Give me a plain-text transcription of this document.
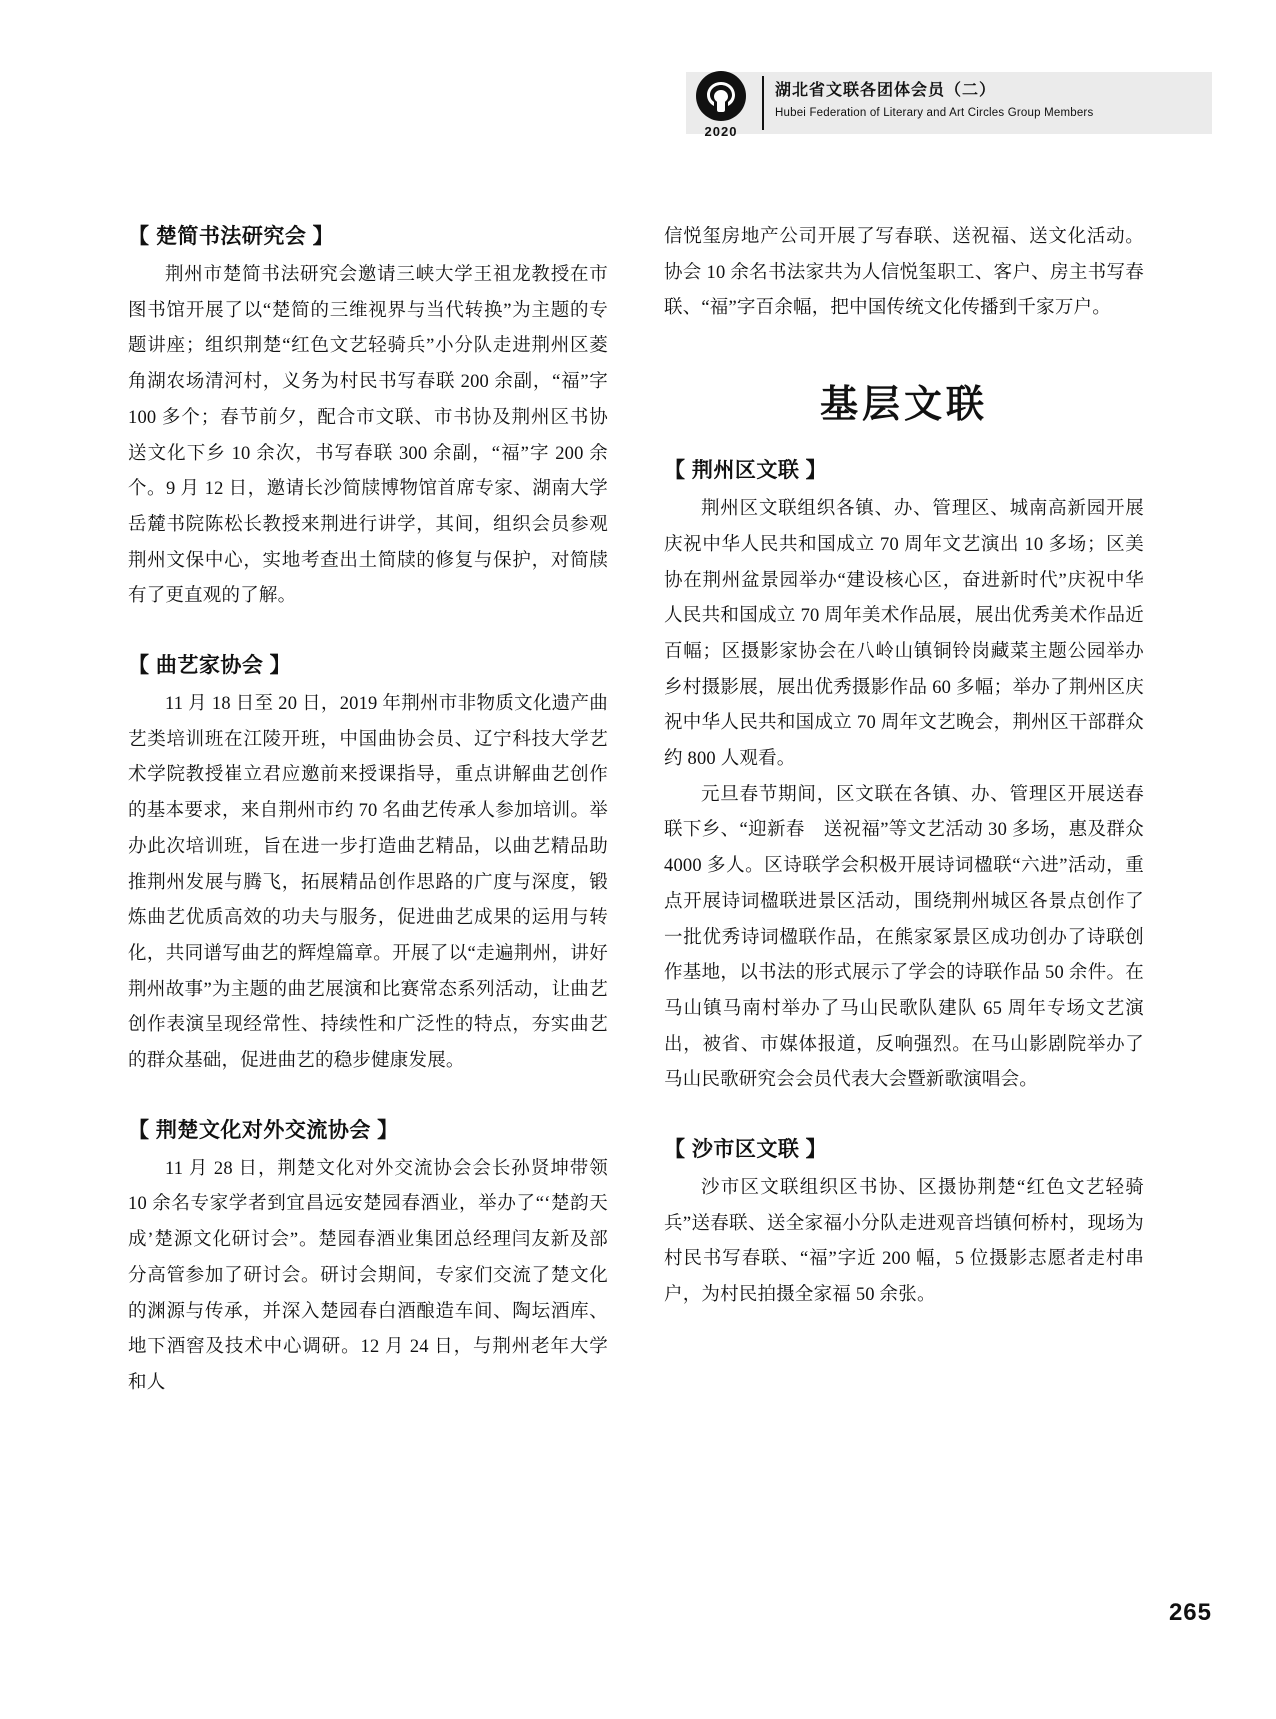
2020
湖北省文联各团体会员（二）
Hubei Federation of Literary and Art Circles Group Members
【 楚简书法研究会 】

荆州市楚简书法研究会邀请三峡大学王祖龙教授在市图书馆开展了以“楚简的三维视界与当代转换”为主题的专题讲座；组织荆楚“红色文艺轻骑兵”小分队走进荆州区菱角湖农场清河村，义务为村民书写春联 200 余副，“福”字 100 多个；春节前夕，配合市文联、市书协及荆州区书协送文化下乡 10 余次，书写春联 300 余副，“福”字 200 余个。9 月 12 日，邀请长沙简牍博物馆首席专家、湖南大学岳麓书院陈松长教授来荆进行讲学，其间，组织会员参观荆州文保中心，实地考查出土简牍的修复与保护，对简牍有了更直观的了解。

【 曲艺家协会 】

11 月 18 日至 20 日，2019 年荆州市非物质文化遗产曲艺类培训班在江陵开班，中国曲协会员、辽宁科技大学艺术学院教授崔立君应邀前来授课指导，重点讲解曲艺创作的基本要求，来自荆州市约 70 名曲艺传承人参加培训。举办此次培训班，旨在进一步打造曲艺精品，以曲艺精品助推荆州发展与腾飞，拓展精品创作思路的广度与深度，锻炼曲艺优质高效的功夫与服务，促进曲艺成果的运用与转化，共同谱写曲艺的辉煌篇章。开展了以“走遍荆州，讲好荆州故事”为主题的曲艺展演和比赛常态系列活动，让曲艺创作表演呈现经常性、持续性和广泛性的特点，夯实曲艺的群众基础，促进曲艺的稳步健康发展。

【 荆楚文化对外交流协会 】

11 月 28 日，荆楚文化对外交流协会会长孙贤坤带领 10 余名专家学者到宜昌远安楚园春酒业，举办了“‘楚韵天成’楚源文化研讨会”。楚园春酒业集团总经理闫友新及部分高管参加了研讨会。研讨会期间，专家们交流了楚文化的渊源与传承，并深入楚园春白酒酿造车间、陶坛酒库、地下酒窖及技术中心调研。12 月 24 日，与荆州老年大学和人

信悦玺房地产公司开展了写春联、送祝福、送文化活动。协会 10 余名书法家共为人信悦玺职工、客户、房主书写春联、“福”字百余幅，把中国传统文化传播到千家万户。

基层文联
【 荆州区文联 】

荆州区文联组织各镇、办、管理区、城南高新园开展庆祝中华人民共和国成立 70 周年文艺演出 10 多场；区美协在荆州盆景园举办“建设核心区，奋进新时代”庆祝中华人民共和国成立 70 周年美术作品展，展出优秀美术作品近百幅；区摄影家协会在八岭山镇铜铃岗藏菜主题公园举办乡村摄影展，展出优秀摄影作品 60 多幅；举办了荆州区庆祝中华人民共和国成立 70 周年文艺晚会，荆州区干部群众约 800 人观看。

元旦春节期间，区文联在各镇、办、管理区开展送春联下乡、“迎新春　送祝福”等文艺活动 30 多场，惠及群众 4000 多人。区诗联学会积极开展诗词楹联“六进”活动，重点开展诗词楹联进景区活动，围绕荆州城区各景点创作了一批优秀诗词楹联作品，在熊家冢景区成功创办了诗联创作基地，以书法的形式展示了学会的诗联作品 50 余件。在马山镇马南村举办了马山民歌队建队 65 周年专场文艺演出，被省、市媒体报道，反响强烈。在马山影剧院举办了马山民歌研究会会员代表大会暨新歌演唱会。

【 沙市区文联 】

沙市区文联组织区书协、区摄协荆楚“红色文艺轻骑兵”送春联、送全家福小分队走进观音垱镇何桥村，现场为村民书写春联、“福”字近 200 幅，5 位摄影志愿者走村串户，为村民拍摄全家福 50 余张。

265
